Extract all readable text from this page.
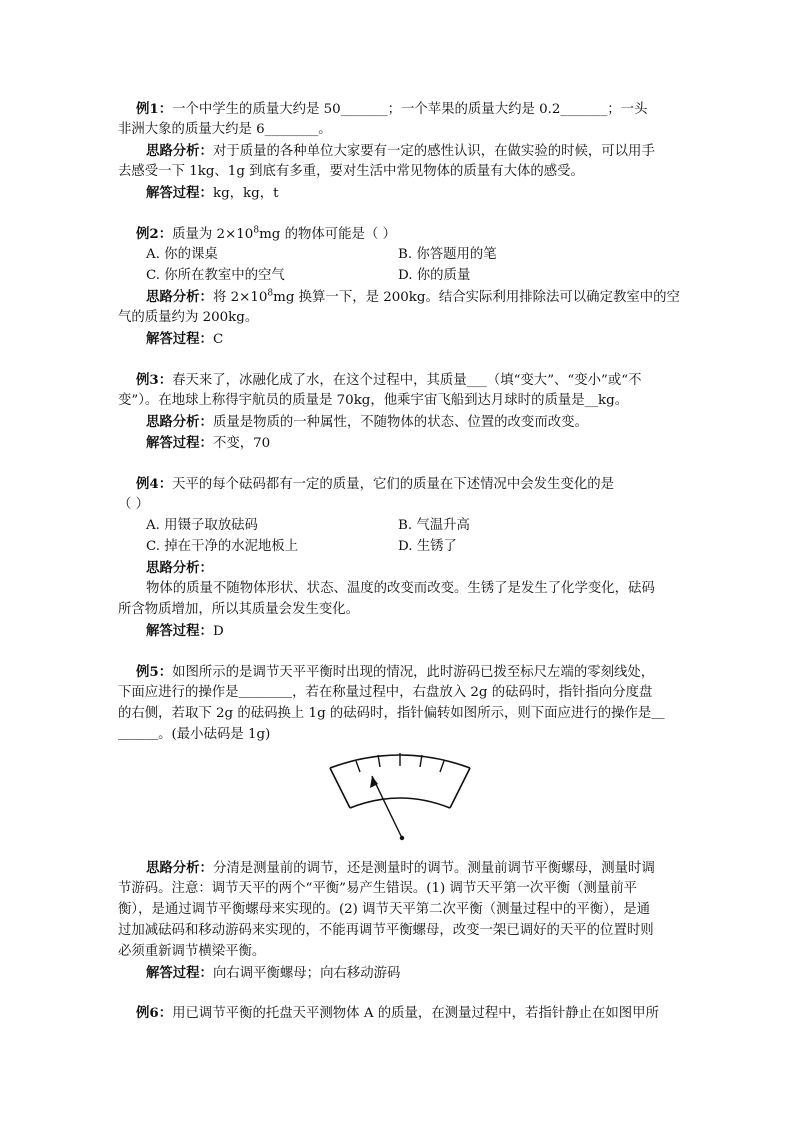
例1：一个中学生的质量大约是 50_______；一个苹果的质量大约是 0.2_______；一头
非洲大象的质量大约是 6________。
思路分析：对于质量的各种单位大家要有一定的感性认识，在做实验的时候，可以用手
去感受一下 1kg、1g 到底有多重，要对生活中常见物体的质量有大体的感受。
解答过程：kg，kg，t
例2：质量为 $2\times 10^8mg$ 的物体可能是（ ）
A. 你的课桌	B. 你答题用的笔
C. 你所在教室中的空气	D. 你的质量
思路分析：将 $2\times 10^8mg$ 换算一下，是 200kg。结合实际利用排除法可以确定教室中的空
气的质量约为 200kg。
解答过程：C
例3：春天来了，冰融化成了水，在这个过程中，其质量___（填“变大”、“变小”或“不
变”）。在地球上称得宇航员的质量是 70kg，他乘宇宙飞船到达月球时的质量是__kg。
思路分析：质量是物质的一种属性，不随物体的状态、位置的改变而改变。
解答过程：不变，70
例4：天平的每个砝码都有一定的质量，它们的质量在下述情况中会发生变化的是
（ ）
A. 用镊子取放砝码	B. 气温升高
C. 掉在干净的水泥地板上	D. 生锈了
思路分析：
物体的质量不随物体形状、状态、温度的改变而改变。生锈了是发生了化学变化，砝码
所含物质增加，所以其质量会发生变化。
解答过程：D
例5：如图所示的是调节天平平衡时出现的情况，此时游码已拨至标尺左端的零刻线处，
下面应进行的操作是＿＿＿＿，若在称量过程中，右盘放入 2g 的砝码时，指针指向分度盘
的右侧，若取下 2g 的砝码换上 1g 的砝码时，指针偏转如图所示，则下面应进行的操作是＿
＿＿＿。(最小砝码是 1g)
思路分析：分清是测量前的调节，还是测量时的调节。测量前调节平衡螺母，测量时调
节游码。注意：调节天平的两个“平衡”易产生错误。(1) 调节天平第一次平衡（测量前平
衡），是通过调节平衡螺母来实现的。(2) 调节天平第二次平衡（测量过程中的平衡），是通
过加减砝码和移动游码来实现的，不能再调节平衡螺母，改变一架已调好的天平的位置时则
必须重新调节横梁平衡。
解答过程：向右调平衡螺母；向右移动游码
例6：用已调节平衡的托盘天平测物体 A 的质量，在测量过程中，若指针静止在如图甲所
